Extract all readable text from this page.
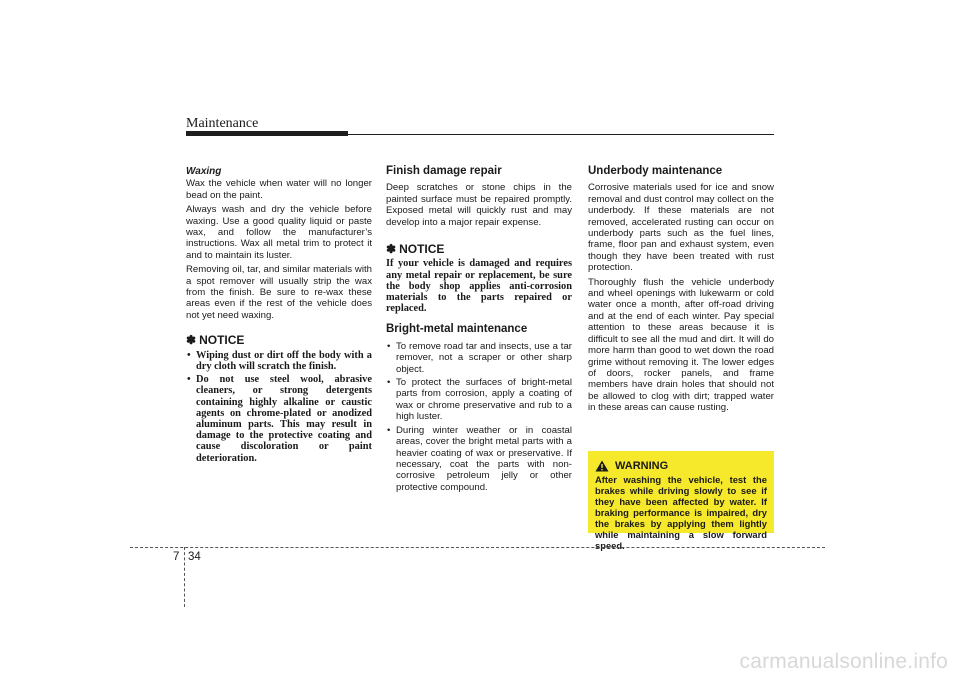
Maintenance
Waxing

Wax the vehicle when water will no longer bead on the paint.

Always wash and dry the vehicle before waxing. Use a good quality liquid or paste wax, and follow the manufacturer’s instructions. Wax all metal trim to protect it and to maintain its luster.

Removing oil, tar, and similar materials with a spot remover will usually strip the wax from the finish. Be sure to re-wax these areas even if the rest of the vehicle does not yet need waxing.

✽ NOTICE
• Wiping dust or dirt off the body with a dry cloth will scratch the finish.
• Do not use steel wool, abrasive cleaners, or strong detergents containing highly alkaline or caustic agents on chrome-plated or anodized aluminum parts. This may result in damage to the protective coating and cause discoloration or paint deterioration.
Finish damage repair

Deep scratches or stone chips in the painted surface must be repaired promptly. Exposed metal will quickly rust and may develop into a major repair expense.

✽ NOTICE

If your vehicle is damaged and requires any metal repair or replacement, be sure the body shop applies anti-corrosion materials to the parts repaired or replaced.

Bright-metal maintenance
• To remove road tar and insects, use a tar remover, not a scraper or other sharp object.
• To protect the surfaces of bright-metal parts from corrosion, apply a coating of wax or chrome preservative and rub to a high luster.
• During winter weather or in coastal areas, cover the bright metal parts with a heavier coating of wax or preservative. If necessary, coat the parts with non-corrosive petroleum jelly or other protective compound.
Underbody maintenance

Corrosive materials used for ice and snow removal and dust control may collect on the underbody. If these materials are not removed, accelerated rusting can occur on underbody parts such as the fuel lines, frame, floor pan and exhaust system, even though they have been treated with rust protection.

Thoroughly flush the vehicle underbody and wheel openings with lukewarm or cold water once a month, after off-road driving and at the end of each winter. Pay special attention to these areas because it is difficult to see all the mud and dirt. It will do more harm than good to wet down the road grime without removing it. The lower edges of doors, rocker panels, and frame members have drain holes that should not be allowed to clog with dirt; trapped water in these areas can cause rusting.

WARNING
After washing the vehicle, test the brakes while driving slowly to see if they have been affected by water. If braking performance is impaired, dry the brakes by applying them lightly while maintaining a slow forward speed.
7 34
carmanualsonline.info
